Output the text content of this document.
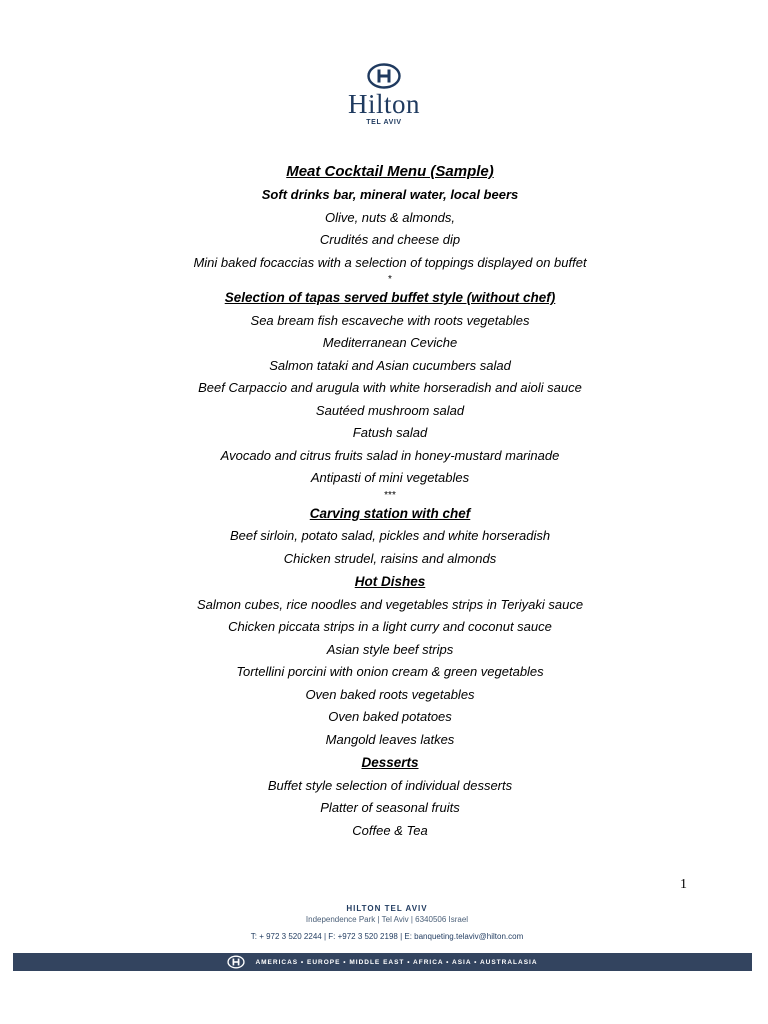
Hilton
TEL AVIV
Meat Cocktail Menu (Sample)
Soft drinks bar, mineral water, local beers
Olive, nuts & almonds,
Crudités and cheese dip
Mini baked focaccias with a selection of toppings displayed on buffet
*
Selection of tapas served buffet style (without chef)
Sea bream fish escaveche with roots vegetables
Mediterranean Ceviche
Salmon tataki and Asian cucumbers salad
Beef Carpaccio and arugula with white horseradish and aioli sauce
Sautéed mushroom salad
Fatush salad
Avocado and citrus fruits salad in honey-mustard marinade
Antipasti of mini vegetables
***
Carving station with chef
Beef sirloin, potato salad, pickles and white horseradish
Chicken strudel, raisins and almonds
Hot Dishes
Salmon cubes, rice noodles and vegetables strips in Teriyaki sauce
Chicken piccata strips in a light curry and coconut sauce
Asian style beef strips
Tortellini porcini with onion cream & green vegetables
Oven baked roots vegetables
Oven baked potatoes
Mangold leaves latkes
Desserts
Buffet style selection of individual desserts
Platter of seasonal fruits
Coffee & Tea
1
HILTON TEL AVIV
Independence Park | Tel Aviv | 6340506 Israel
T: + 972 3 520 2244 | F: +972 3 520 2198 | E: banqueting.telaviv@hilton.com
AMERICAS • EUROPE • MIDDLE EAST • AFRICA • ASIA • AUSTRALASIA
